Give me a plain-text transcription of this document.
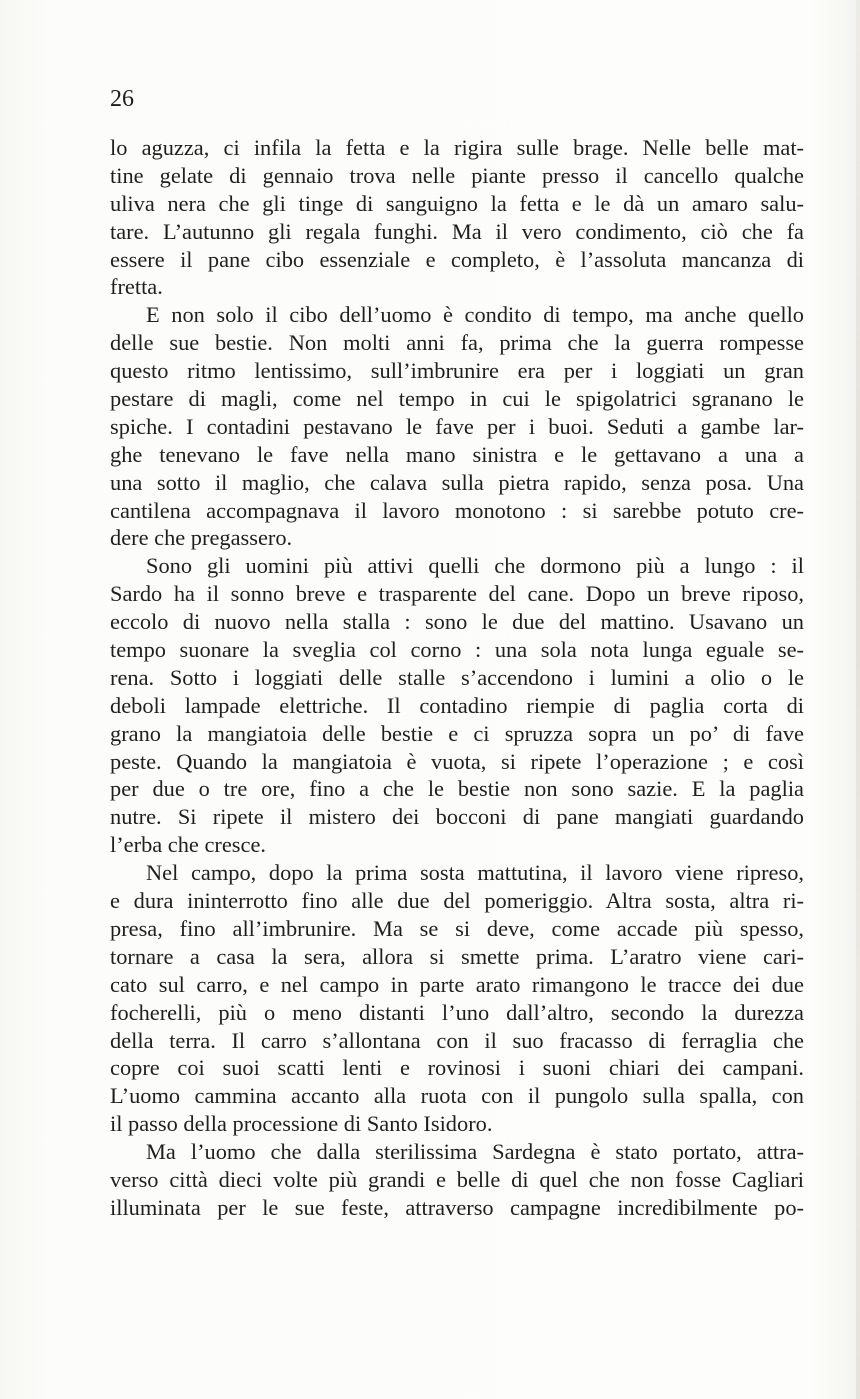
26
lo aguzza, ci infila la fetta e la rigira sulle brage. Nelle belle mat-
tine gelate di gennaio trova nelle piante presso il cancello qualche
uliva nera che gli tinge di sanguigno la fetta e le dà un amaro salu-
tare. L’autunno gli regala funghi. Ma il vero condimento, ciò che fa
essere il pane cibo essenziale e completo, è l’assoluta mancanza di
fretta.
E non solo il cibo dell’uomo è condito di tempo, ma anche quello
delle sue bestie. Non molti anni fa, prima che la guerra rompesse
questo ritmo lentissimo, sull’imbrunire era per i loggiati un gran
pestare di magli, come nel tempo in cui le spigolatrici sgranano le
spiche. I contadini pestavano le fave per i buoi. Seduti a gambe lar-
ghe tenevano le fave nella mano sinistra e le gettavano a una a
una sotto il maglio, che calava sulla pietra rapido, senza posa. Una
cantilena accompagnava il lavoro monotono : si sarebbe potuto cre-
dere che pregassero.
Sono gli uomini più attivi quelli che dormono più a lungo : il
Sardo ha il sonno breve e trasparente del cane. Dopo un breve riposo,
eccolo di nuovo nella stalla : sono le due del mattino. Usavano un
tempo suonare la sveglia col corno : una sola nota lunga eguale se-
rena. Sotto i loggiati delle stalle s’accendono i lumini a olio o le
deboli lampade elettriche. Il contadino riempie di paglia corta di
grano la mangiatoia delle bestie e ci spruzza sopra un po’ di fave
peste. Quando la mangiatoia è vuota, si ripete l’operazione ; e così
per due o tre ore, fino a che le bestie non sono sazie. E la paglia
nutre. Si ripete il mistero dei bocconi di pane mangiati guardando
l’erba che cresce.
Nel campo, dopo la prima sosta mattutina, il lavoro viene ripreso,
e dura ininterrotto fino alle due del pomeriggio. Altra sosta, altra ri-
presa, fino all’imbrunire. Ma se si deve, come accade più spesso,
tornare a casa la sera, allora si smette prima. L’aratro viene cari-
cato sul carro, e nel campo in parte arato rimangono le tracce dei due
focherelli, più o meno distanti l’uno dall’altro, secondo la durezza
della terra. Il carro s’allontana con il suo fracasso di ferraglia che
copre coi suoi scatti lenti e rovinosi i suoni chiari dei campani.
L’uomo cammina accanto alla ruota con il pungolo sulla spalla, con
il passo della processione di Santo Isidoro.
Ma l’uomo che dalla sterilissima Sardegna è stato portato, attra-
verso città dieci volte più grandi e belle di quel che non fosse Cagliari
illuminata per le sue feste, attraverso campagne incredibilmente po-
